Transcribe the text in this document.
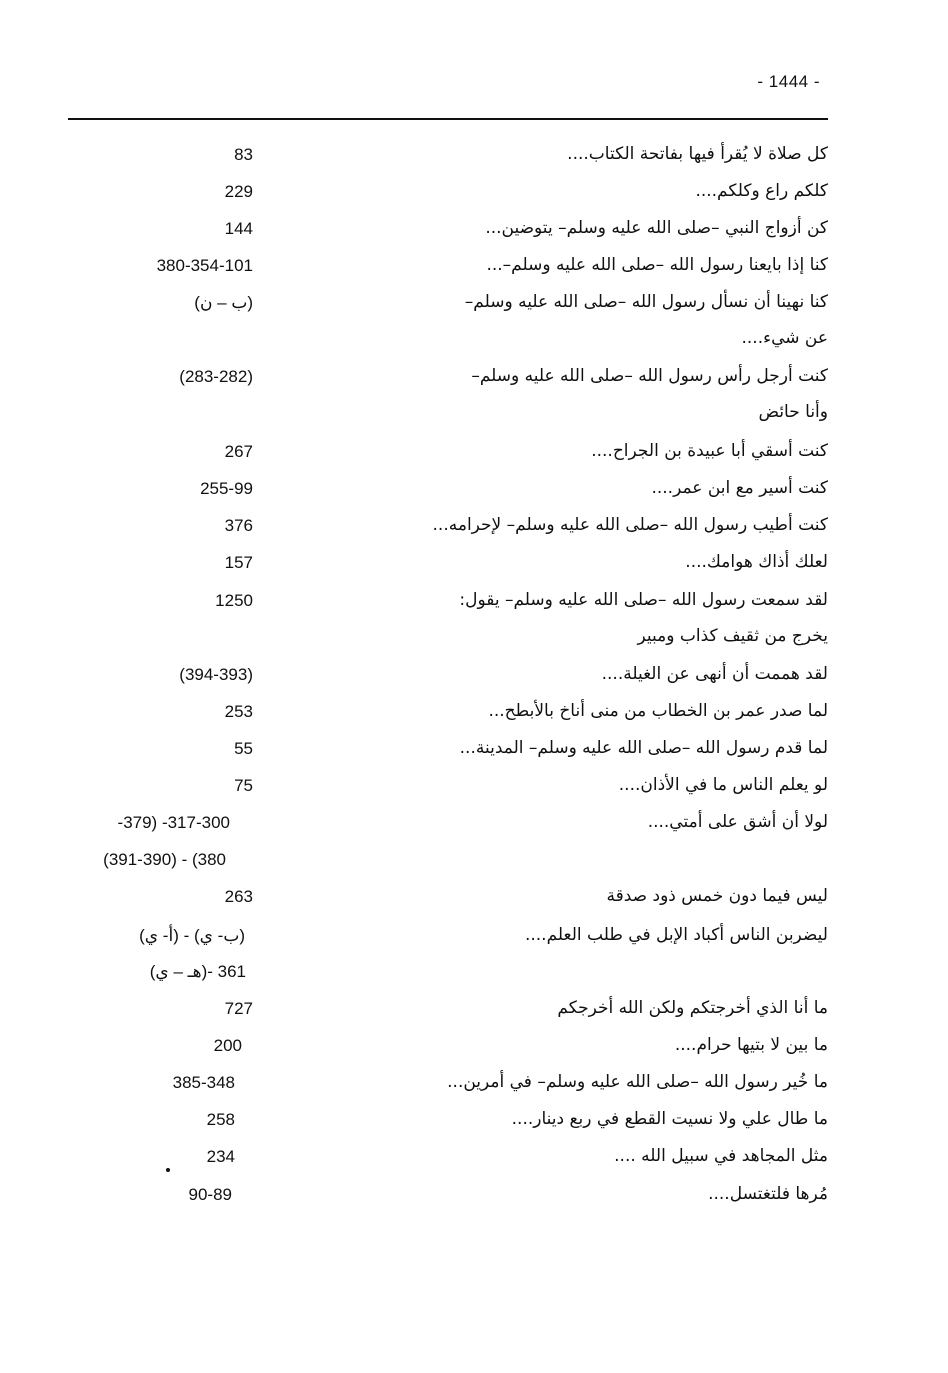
- 1444 -
كل صلاة لا يُقرأ فيها بفاتحة الكتاب....
83
كلكم راع وكلكم....
229
كن أزواج النبي –صلى الله عليه وسلم– يتوضين...
144
كنا إذا بايعنا رسول الله –صلى الله عليه وسلم–...
380-354-101
كنا نهينا أن نسأل رسول الله –صلى الله عليه وسلم–
(ب – ن)
عن شيء....
كنت أرجل رأس رسول الله –صلى الله عليه وسلم–
(283-282)
وأنا حائض
كنت أسقي أبا عبيدة بن الجراح....
267
كنت أسير مع ابن عمر....
255-99
كنت أطيب رسول الله –صلى الله عليه وسلم– لإحرامه...
376
لعلك أذاك هوامك....
157
لقد سمعت رسول الله –صلى الله عليه وسلم– يقول:
1250
يخرج من ثقيف كذاب ومبير
لقد هممت أن أنهى عن الغيلة....
(394-393)
لما صدر عمر بن الخطاب من منى أناخ بالأبطح...
253
لما قدم رسول الله –صلى الله عليه وسلم– المدينة...
55
لو يعلم الناس ما في الأذان....
75
لولا أن أشق على أمتي....
-379) -317-300
(391-390) - (380
ليس فيما دون خمس ذود صدقة
263
ليضربن الناس أكباد الإبل في طلب العلم....
(أ- ي) - (ب- ي)
(هـ – ي)- 361
ما أنا الذي أخرجتكم ولكن الله أخرجكم
727
ما بين لا بتيها حرام....
200
ما خُير رسول الله –صلى الله عليه وسلم– في أمرين...
385-348
ما طال علي ولا نسيت القطع في ربع دينار....
258
مثل المجاهد في سبيل الله ....
234
مُرها فلتغتسل....
90-89
